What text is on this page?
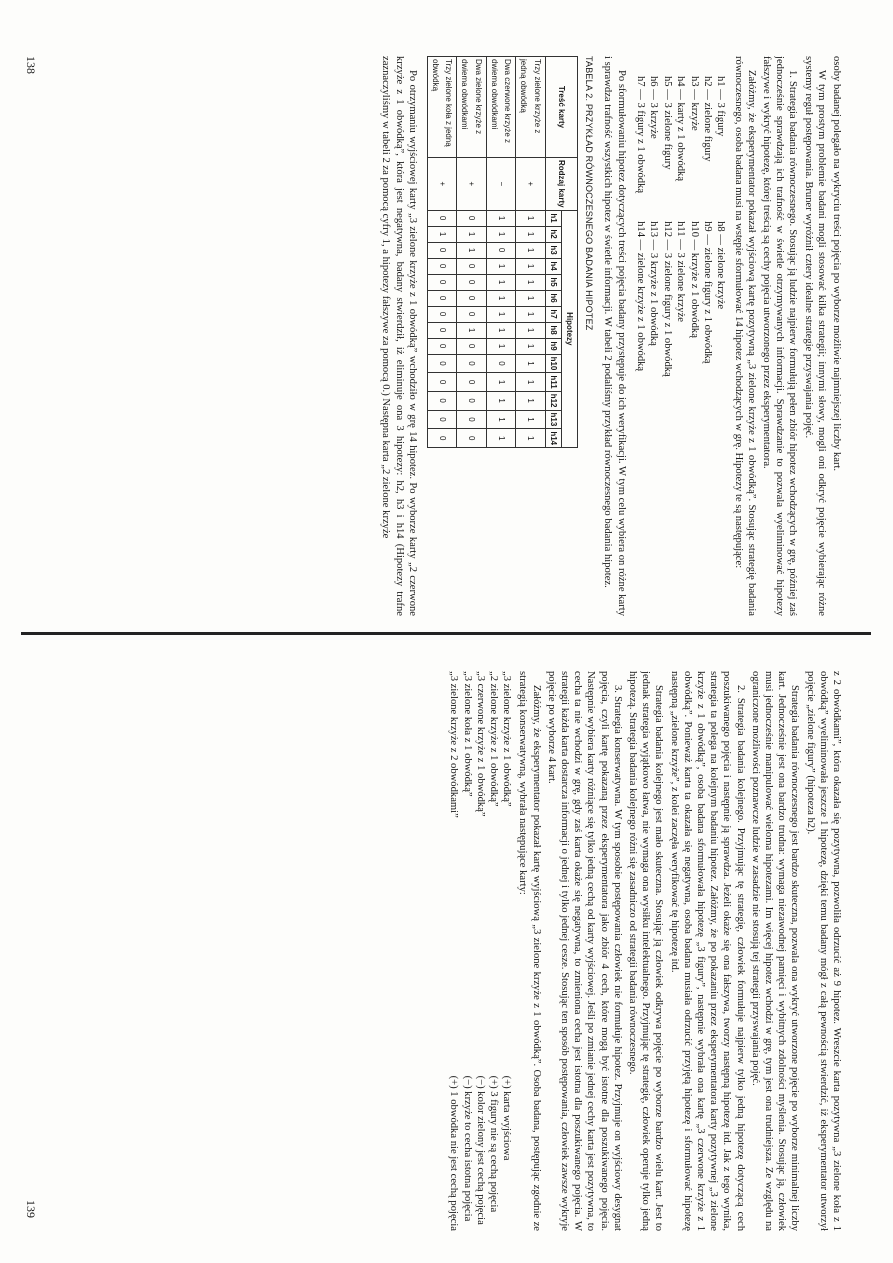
osoby badanej polegało na wykryciu treści pojęcia po wyborze możliwie najmniejszej liczby kart.

W tym prostym problemie badani mogli stosować kilka strategii; innymi słowy, mogli oni odkryć pojęcie wybierając różne systemy reguł postępowania. Bruner wyróżnił cztery idealne strategie przyswajania pojęć.

1. Strategia badania równoczesnego. Stosując ją ludzie najpierw formułują pełen zbiór hipotez wchodzących w grę, później zaś jednocześnie sprawdzają ich trafność w świetle otrzymywanych informacji. Sprawdzanie to pozwala wyeliminować hipotezy fałszywe i wykryć hipotezę, której treścią są cechy pojęcia utworzonego przez eksperymentatora.

Załóżmy, że eksperymentator pokazał wyjściową kartę pozytywną „3 zielone krzyże z 1 obwódką”. Stosując strategię badania równoczesnego, osoba badana musi na wstępie sformułować 14 hipotez wchodzących w grę. Hipotezy te są następujące:

h1 — 3 figury
h2 — zielone figury
h3 — krzyże
h4 — karty z 1 obwódką
h5 — 3 zielone figury
h6 — 3 krzyże
h7 — 3 figury z 1 obwódką
h8 — zielone krzyże
h9 — zielone figury z 1 obwódką
h10 — krzyże z 1 obwódką
h11 — 3 zielone krzyże
h12 — 3 zielone figury z 1 obwódką
h13 — 3 krzyże z 1 obwódką
h14 — zielone krzyże z 1 obwódką

Po sformułowaniu hipotez dotyczących treści pojęcia badany przystępuje do ich weryfikacji. W tym celu wybiera on różne karty i sprawdza trafność wszystkich hipotez w świetle informacji. W tabeli 2 podaliśmy przykład równoczesnego badania hipotez.

TABELA 2. PRZYKŁAD RÓWNOCZESNEGO BADANIA HIPOTEZ
Treść karty	Rodzaj karty	Hipotezy													
		h1	h2	h3	h4	h5	h6	h7	h8	h9	h10	h11	h12	h13	h14
Trzy zielone krzyże z jedną obwódką	+	1	1	1	1	1	1	1	1	1	1	1	1	1	1
Dwa czerwone krzyże z dwiema obwódkami	−	1	1	0	1	1	1	1	1	1	0	1	1	1	1
Dwa zielone krzyże z dwiema obwódkami	+	0	1	1	0	0	0	0	1	0	0	0	0	0	0
Trzy zielone koła z jedną obwódką	+	0	1	0	0	0	0	0	0	0	0	0	0	0	0

Po otrzymaniu wyjściowej karty „3 zielone krzyże z 1 obwódką” wchodziło w grę 14 hipotez. Po wyborze karty „2 czerwone krzyże z 1 obwódką”, która jest negatywna, badany stwierdził, iż eliminuje ona 3 hipotezy: h2, h3 i h14 (Hipotezy trafne zaznaczyliśmy w tabeli 2 za pomocą cyfry 1, a hipotezy fałszywe za pomocą 0.) Następna karta „2 zielone krzyże

z 2 obwódkami”, która okazała się pozytywna, pozwoliła odrzucić aż 9 hipotez. Wreszcie karta pozytywna „3 zielone koła z 1 obwódką” wyeliminowała jeszcze 1 hipotezę, dzięki temu badany mógł z całą pewnością stwierdzić, iż eksperymentator utworzył pojęcie „zielone figury” (hipoteza h2).

Strategia badania równoczesnego jest bardzo skuteczna, pozwala ona wykryć utworzone pojęcie po wyborze minimalnej liczby kart. Jednocześnie jest ona bardzo trudna: wymaga niezawodnej pamięci i wybitnych zdolności myślenia. Stosując ją, człowiek musi jednocześnie manipulować wieloma hipotezami. Im więcej hipotez wchodzi w grę, tym jest ona trudniejsza. Ze względu na ograniczone możliwości poznawcze ludzie w zasadzie nie stosują tej strategii przyswajania pojęć.

2. Strategia badania kolejnego. Przyjmując tę strategię, człowiek formułuje najpierw tylko jedną hipotezę dotyczącą cech poszukiwanego pojęcia i następnie ją sprawdza. Jeżeli okaże się ona fałszywa, tworzy następną hipotezę itd. Jak z tego wynika, strategia ta polega na kolejnym badaniu hipotez. Załóżmy, że po pokazaniu przez eksperymentatora karty pozytywnej „3 zielone krzyże z 1 obwódką”, osoba badana sformułowała hipotezę „3 figury”, następnie wybrała ona kartę „3 czerwone krzyże z 1 obwódką”. Ponieważ karta ta okazała się negatywna, osoba badana musiała odrzucić przyjętą hipotezę i sformułować hipotezę następną „zielone krzyże”, z kolei zaczęła weryfikować tę hipotezę itd.

Strategia badania kolejnego jest mało skuteczna. Stosując ją człowiek odkrywa pojęcie po wyborze bardzo wielu kart. Jest to jednak strategia wyjątkowo łatwa, nie wymaga ona wysiłku intelektualnego. Przyjmując tę strategię, człowiek operuje tylko jedną hipotezą. Strategia badania kolejnego różni się zasadniczo od strategii badania równoczesnego.

3. Strategia konserwatywna. W tym sposobie postępowania człowiek nie formułuje hipotez. Przyjmuje on wyjściowy desygnat pojęcia, czyli kartę pokazaną przez eksperymentatora jako zbiór 4 cech, które mogą być istotne dla poszukiwanego pojęcia. Następnie wybiera karty różniące się tylko jedną cechą od karty wyjściowej. Jeśli po zmianie jednej cechy karta jest pozytywna, to cecha ta nie wchodzi w grę, gdy zaś karta okaże się negatywna, to zmieniona cecha jest istotna dla poszukiwanego pojęcia. W strategii każda karta dostarcza informacji o jednej i tylko jednej cesze. Stosując ten sposób postępowania, człowiek zawsze wykryje pojęcie po wyborze 4 kart.

Załóżmy, że eksperymentator pokazał kartę wyjściową „3 zielone krzyże z 1 obwódką”. Osoba badana, postępując zgodnie ze strategią konserwatywną, wybrała następujące karty:

„3 zielone krzyże z 1 obwódką”
„2 zielone krzyże z 1 obwódką”
„3 czerwone krzyże z 1 obwódką”
„3 zielone koła z 1 obwódką”
„3 zielone krzyże z 2 obwódkami”
(+) karta wyjściowa
(+) 3 figury nie są cechą pojęcia
(−) kolor zielony jest cechą pojęcia
(−) krzyże to cecha istotna pojęcia
(+) 1 obwódka nie jest cechą pojęcia
138
139
